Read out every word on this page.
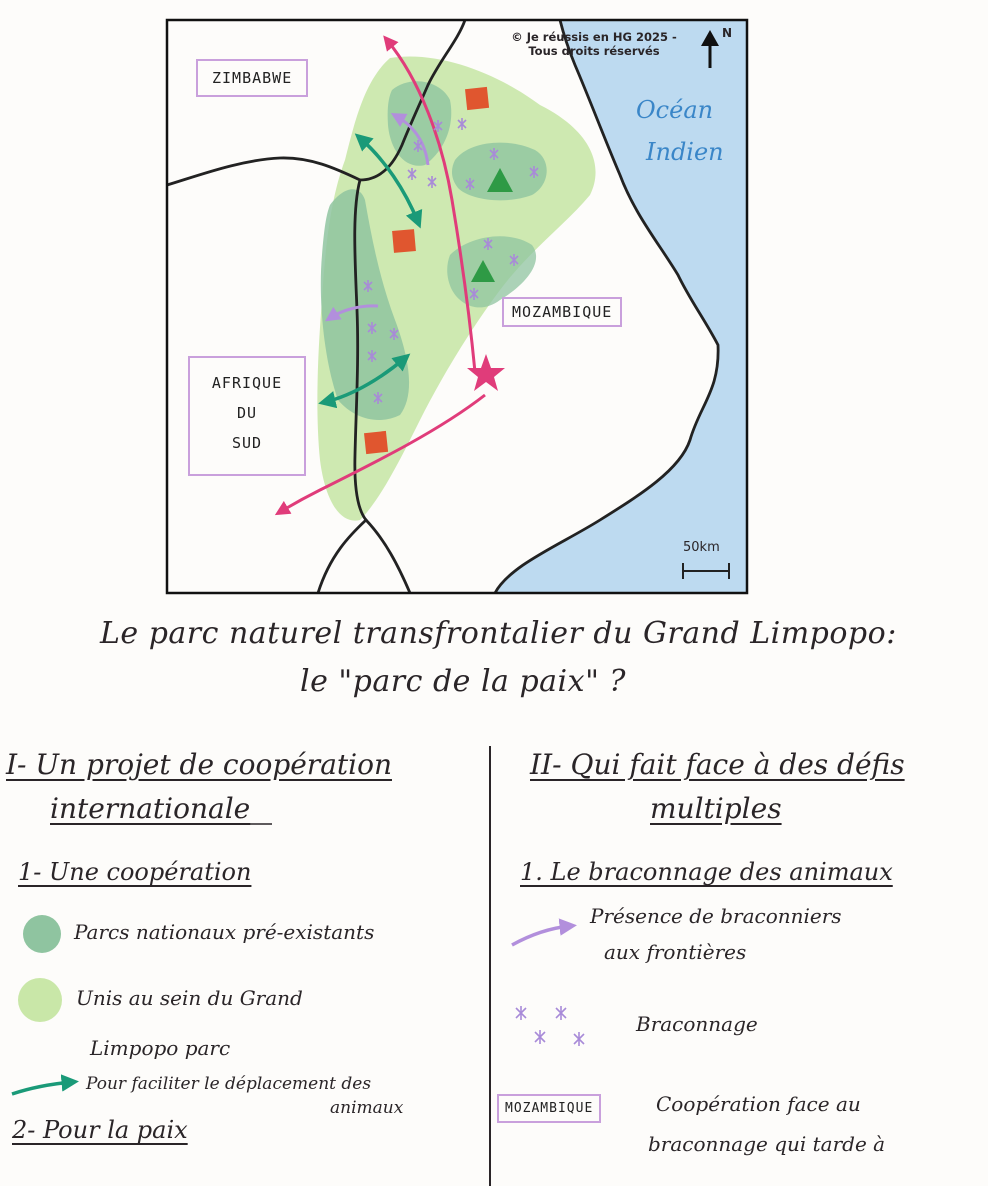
© Je réussis en HG 2025 -
Tous droits réservés
N
Océan
Indien
ZIMBABWE
MOZAMBIQUE
AFRIQUE
DU
SUD
50km
Le parc naturel transfrontalier du Grand Limpopo:
le "parc de la paix" ?
I- Un projet de coopération
internationale
1- Une coopération
Parcs nationaux pré-existants
Unis au sein du Grand
Limpopo parc
Pour faciliter le déplacement des
animaux
2- Pour la paix
II- Qui fait face à des défis
multiples
1. Le braconnage des animaux
Présence de braconniers
aux frontières
Braconnage
MOZAMBIQUE	Coopération face au
braconnage qui tarde à
